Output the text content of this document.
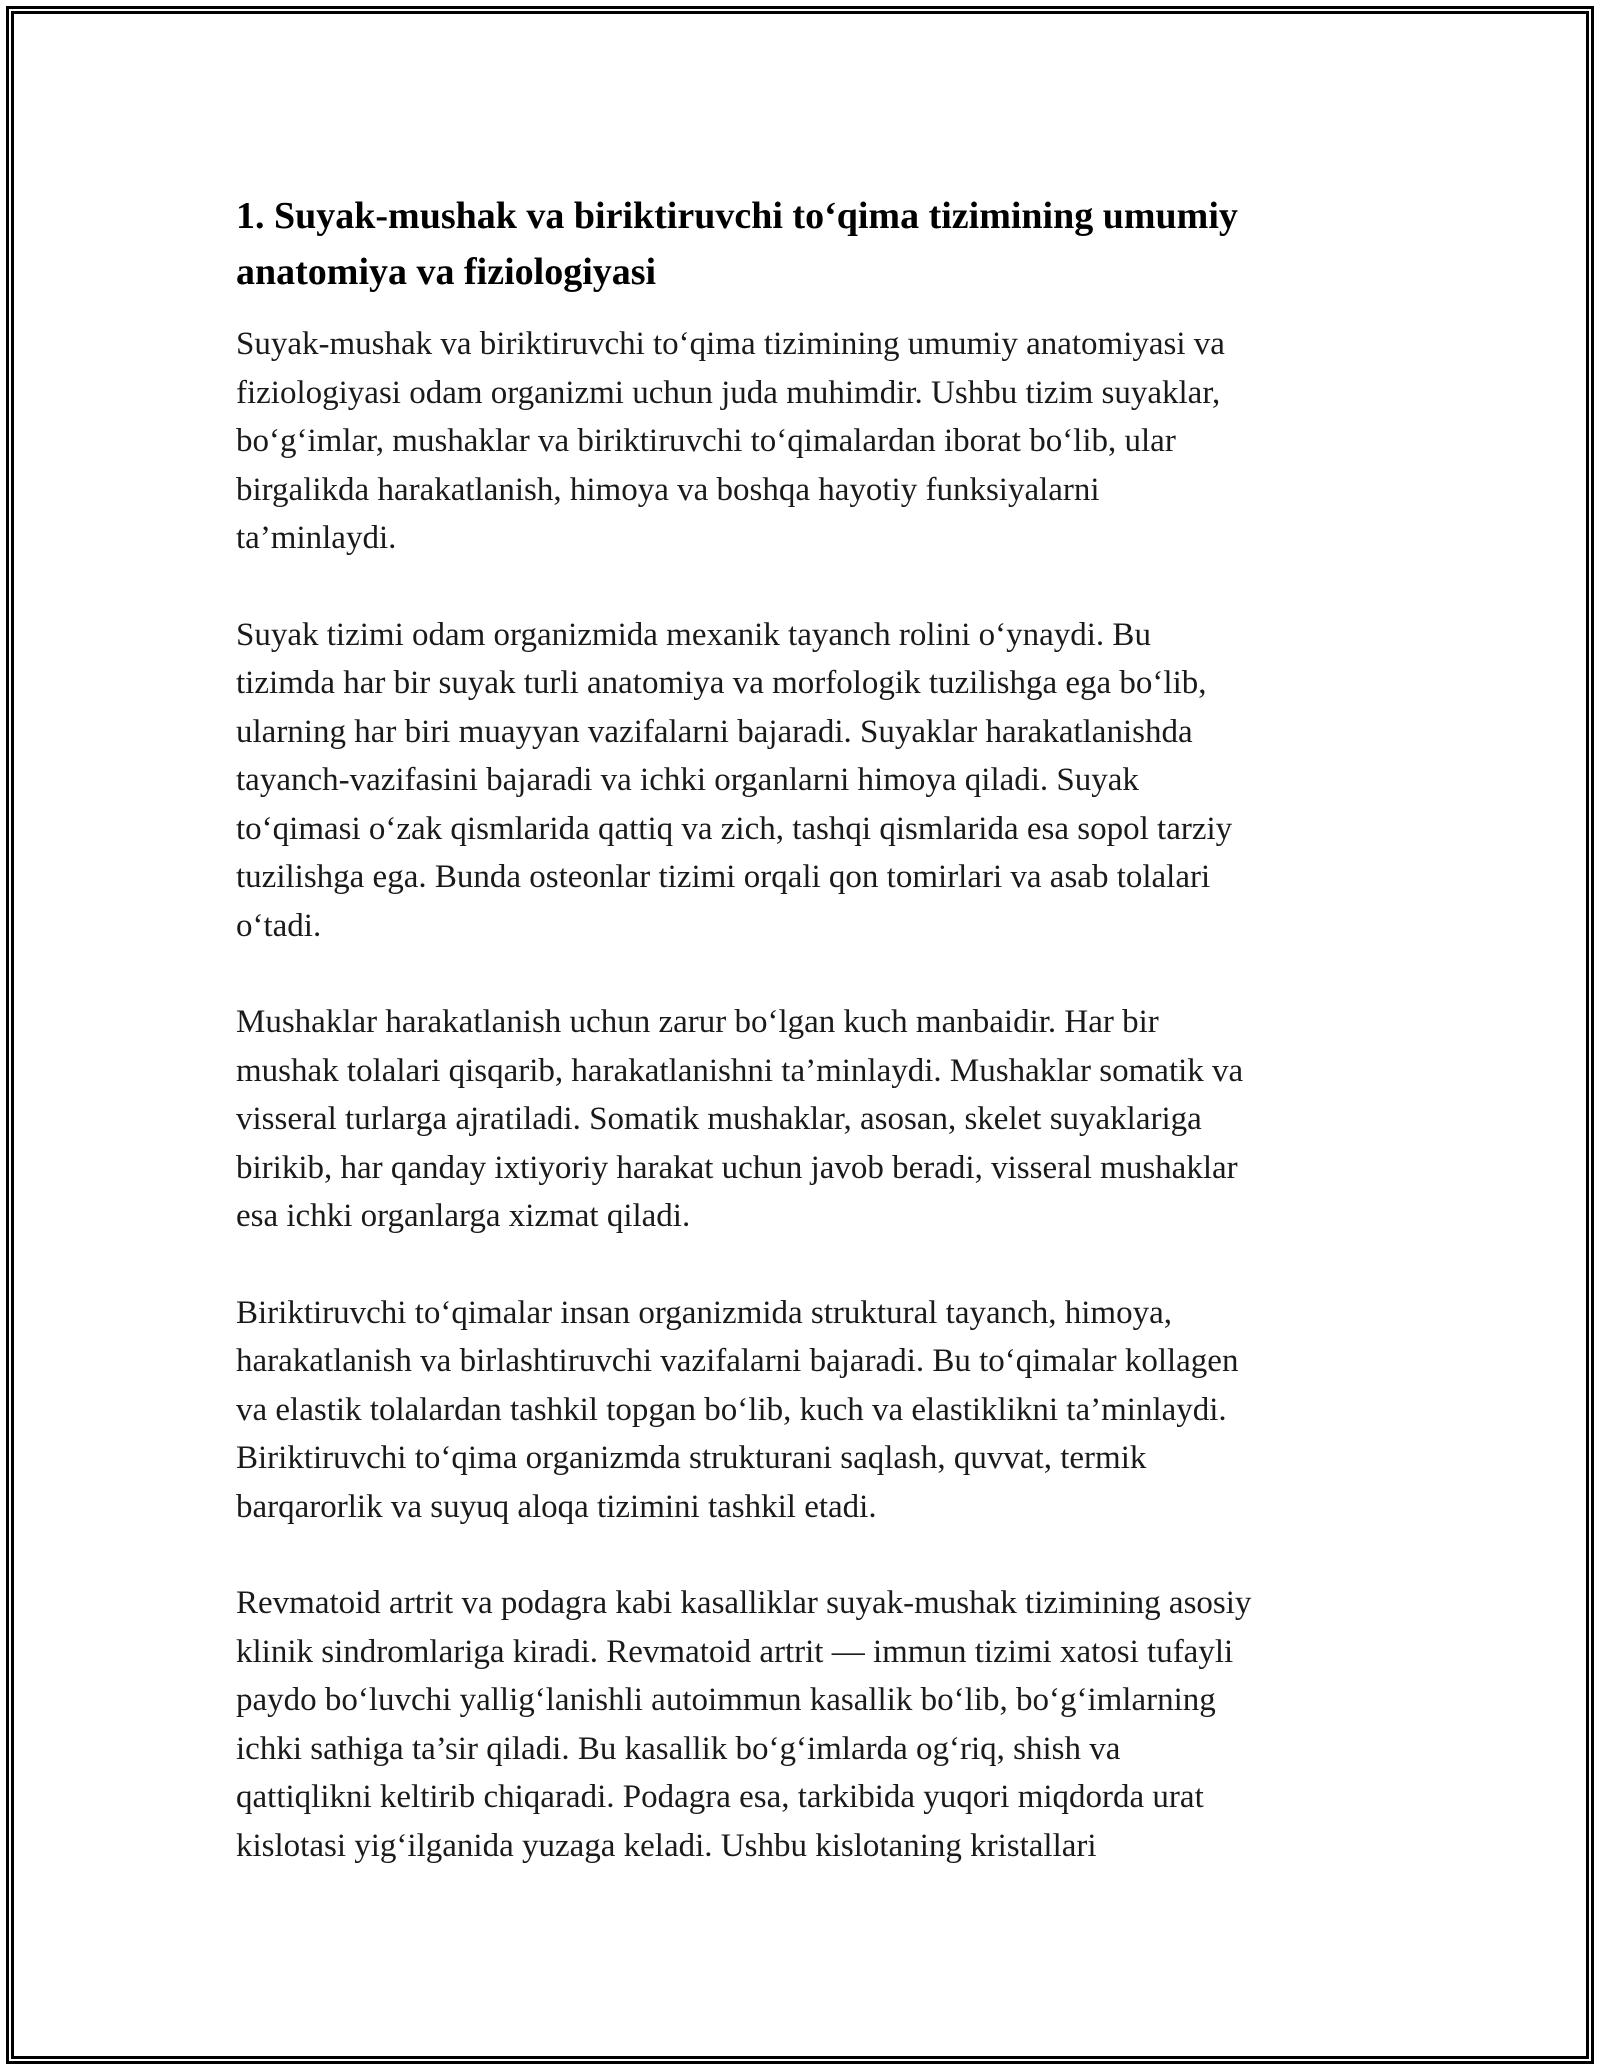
1. Suyak-mushak va biriktiruvchi to‘qima tizimining umumiy
anatomiya va fiziologiyasi

Suyak-mushak va biriktiruvchi to‘qima tizimining umumiy anatomiyasi va
fiziologiyasi odam organizmi uchun juda muhimdir. Ushbu tizim suyaklar,
bo‘g‘imlar, mushaklar va biriktiruvchi to‘qimalardan iborat bo‘lib, ular
birgalikda harakatlanish, himoya va boshqa hayotiy funksiyalarni
ta’minlaydi.

Suyak tizimi odam organizmida mexanik tayanch rolini o‘ynaydi. Bu
tizimda har bir suyak turli anatomiya va morfologik tuzilishga ega bo‘lib,
ularning har biri muayyan vazifalarni bajaradi. Suyaklar harakatlanishda
tayanch-vazifasini bajaradi va ichki organlarni himoya qiladi. Suyak
to‘qimasi o‘zak qismlarida qattiq va zich, tashqi qismlarida esa sopol tarziy
tuzilishga ega. Bunda osteonlar tizimi orqali qon tomirlari va asab tolalari
o‘tadi.

Mushaklar harakatlanish uchun zarur bo‘lgan kuch manbaidir. Har bir
mushak tolalari qisqarib, harakatlanishni ta’minlaydi. Mushaklar somatik va
visseral turlarga ajratiladi. Somatik mushaklar, asosan, skelet suyaklariga
birikib, har qanday ixtiyoriy harakat uchun javob beradi, visseral mushaklar
esa ichki organlarga xizmat qiladi.

Biriktiruvchi to‘qimalar insan organizmida struktural tayanch, himoya,
harakatlanish va birlashtiruvchi vazifalarni bajaradi. Bu to‘qimalar kollagen
va elastik tolalardan tashkil topgan bo‘lib, kuch va elastiklikni ta’minlaydi.
Biriktiruvchi to‘qima organizmda strukturani saqlash, quvvat, termik
barqarorlik va suyuq aloqa tizimini tashkil etadi.

Revmatoid artrit va podagra kabi kasalliklar suyak-mushak tizimining asosiy
klinik sindromlariga kiradi. Revmatoid artrit — immun tizimi xatosi tufayli
paydo bo‘luvchi yallig‘lanishli autoimmun kasallik bo‘lib, bo‘g‘imlarning
ichki sathiga ta’sir qiladi. Bu kasallik bo‘g‘imlarda og‘riq, shish va
qattiqlikni keltirib chiqaradi. Podagra esa, tarkibida yuqori miqdorda urat
kislotasi yig‘ilganida yuzaga keladi. Ushbu kislotaning kristallari
